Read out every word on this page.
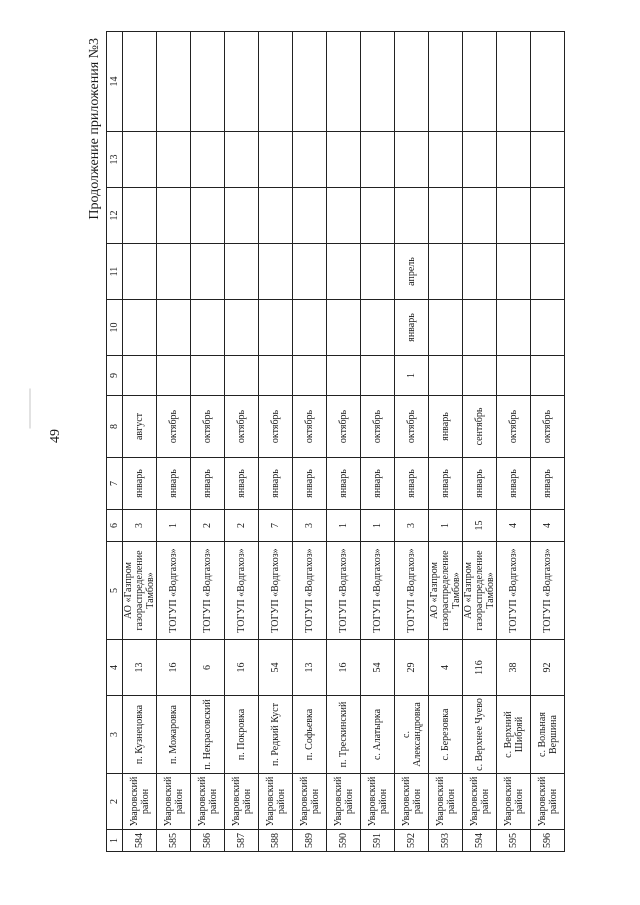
49
Продолжение приложения №3
1	2	3	4	5	6	7	8	9	10	11	12	13	14
584	Уваровский район	п. Кузнецовка	13	АО «Газпром газораспределение Тамбов»	3	январь	август						
585	Уваровский район	п. Можаровка	16	ТОГУП «Водгахоз»	1	январь	октябрь						
586	Уваровский район	п. Некрасовский	6	ТОГУП «Водгахоз»	2	январь	октябрь						
587	Уваровский район	п. Покровка	16	ТОГУП «Водгахоз»	2	январь	октябрь						
588	Уваровский район	п. Редкий Куст	54	ТОГУП «Водгахоз»	7	январь	октябрь						
589	Уваровский район	п. Софьевка	13	ТОГУП «Водгахоз»	3	январь	октябрь						
590	Уваровский район	п. Трескинский	16	ТОГУП «Водгахоз»	1	январь	октябрь						
591	Уваровский район	с. Алатырка	54	ТОГУП «Водгахоз»	1	январь	октябрь						
592	Уваровский район	с. Александровка	29	ТОГУП «Водгахоз»	3	январь	октябрь	1	январь	апрель			
593	Уваровский район	с. Березовка	4	АО «Газпром газораспределение Тамбов»	1	январь	январь						
594	Уваровский район	с. Верхнее Чуево	116	АО «Газпром газораспределение Тамбов»	15	январь	сентябрь						
595	Уваровский район	с. Верхний Шибряй	38	ТОГУП «Водгахоз»	4	январь	октябрь						
596	Уваровский район	с. Вольная Вершина	92	ТОГУП «Водгахоз»	4	январь	октябрь						
